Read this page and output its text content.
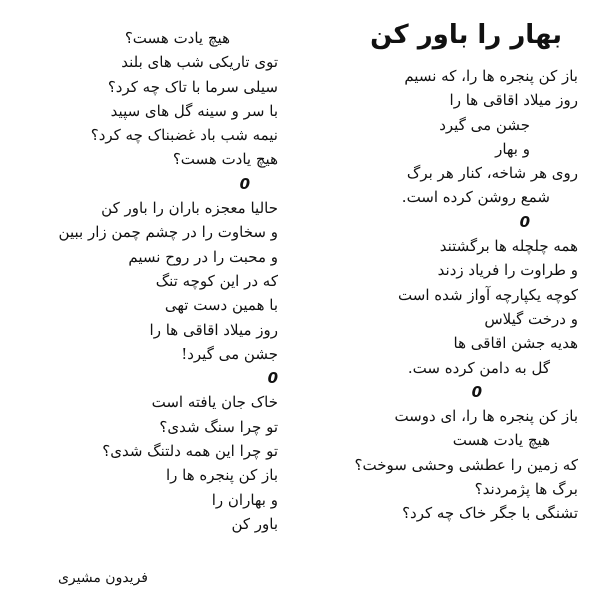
بهار را باور کن
باز کن پنجره ها را، که نسیم
روز میلاد اقاقی ها را
جشن می گیرد
و بهار
روی هر شاخه، کنار هر برگ
شمع روشن کرده است.
0
همه چلچله ها برگشتند
و طراوت را فریاد زدند
کوچه یکپارچه آواز شده است
و درخت گیلاس
هدیه جشن اقاقی ها
گل به دامن کرده ست.
0
باز کن پنجره ها را، ای دوست
هیچ یادت هست
که زمین را عطشی وحشی سوخت؟
برگ ها پژمردند؟
تشنگی با جگر خاک چه کرد؟
هیچ یادت هست؟
توی تاریکی شب های بلند
سیلی سرما با تاک چه کرد؟
با سر و سینه گل های سپید
نیمه شب باد غضبناک چه کرد؟
هیچ یادت هست؟
0
حالیا معجزه باران را باور کن
و سخاوت را در چشم چمن زار ببین
و محبت را در روح نسیم
که در این کوچه تنگ
با همین دست تهی
روز میلاد اقاقی ها را
جشن می گیرد!
0
خاک جان یافته است
تو چرا سنگ شدی؟
تو چرا این همه دلتنگ شدی؟
باز کن پنجره ها را
و بهاران را
باور کن
فریدون مشیری
